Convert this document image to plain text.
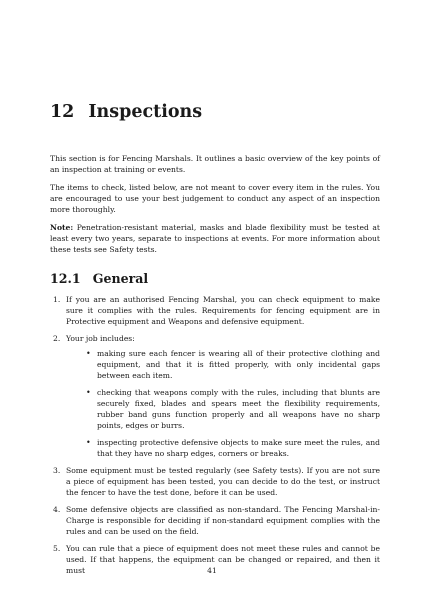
12 Inspections

This section is for Fencing Marshals. It outlines a basic overview of the key points of an inspection at training or events.

The items to check, listed below, are not meant to cover every item in the rules. You are encouraged to use your best judgement to conduct any aspect of an inspection more thoroughly.

Note: Penetration-resistant material, masks and blade flexibility must be tested at least every two years, separate to inspections at events. For more information about these tests see Safety tests.

12.1 General
1. If you are an authorised Fencing Marshal, you can check equipment to make sure it complies with the rules. Requirements for fencing equipment are in Protective equipment and Weapons and defensive equipment.
2. Your job includes:
• making sure each fencer is wearing all of their protective clothing and equipment, and that it is fitted properly, with only incidental gaps between each item.
• checking that weapons comply with the rules, including that blunts are securely fixed, blades and spears meet the flexibility requirements, rubber band guns function properly and all weapons have no sharp points, edges or burrs.
• inspecting protective defensive objects to make sure meet the rules, and that they have no sharp edges, corners or breaks.
3. Some equipment must be tested regularly (see Safety tests). If you are not sure a piece of equipment has been tested, you can decide to do the test, or instruct the fencer to have the test done, before it can be used.
4. Some defensive objects are classified as non-standard. The Fencing Marshal-in-Charge is responsible for deciding if non-standard equipment complies with the rules and can be used on the field.
5. You can rule that a piece of equipment does not meet these rules and cannot be used. If that happens, the equipment can be changed or repaired, and then it must	41
